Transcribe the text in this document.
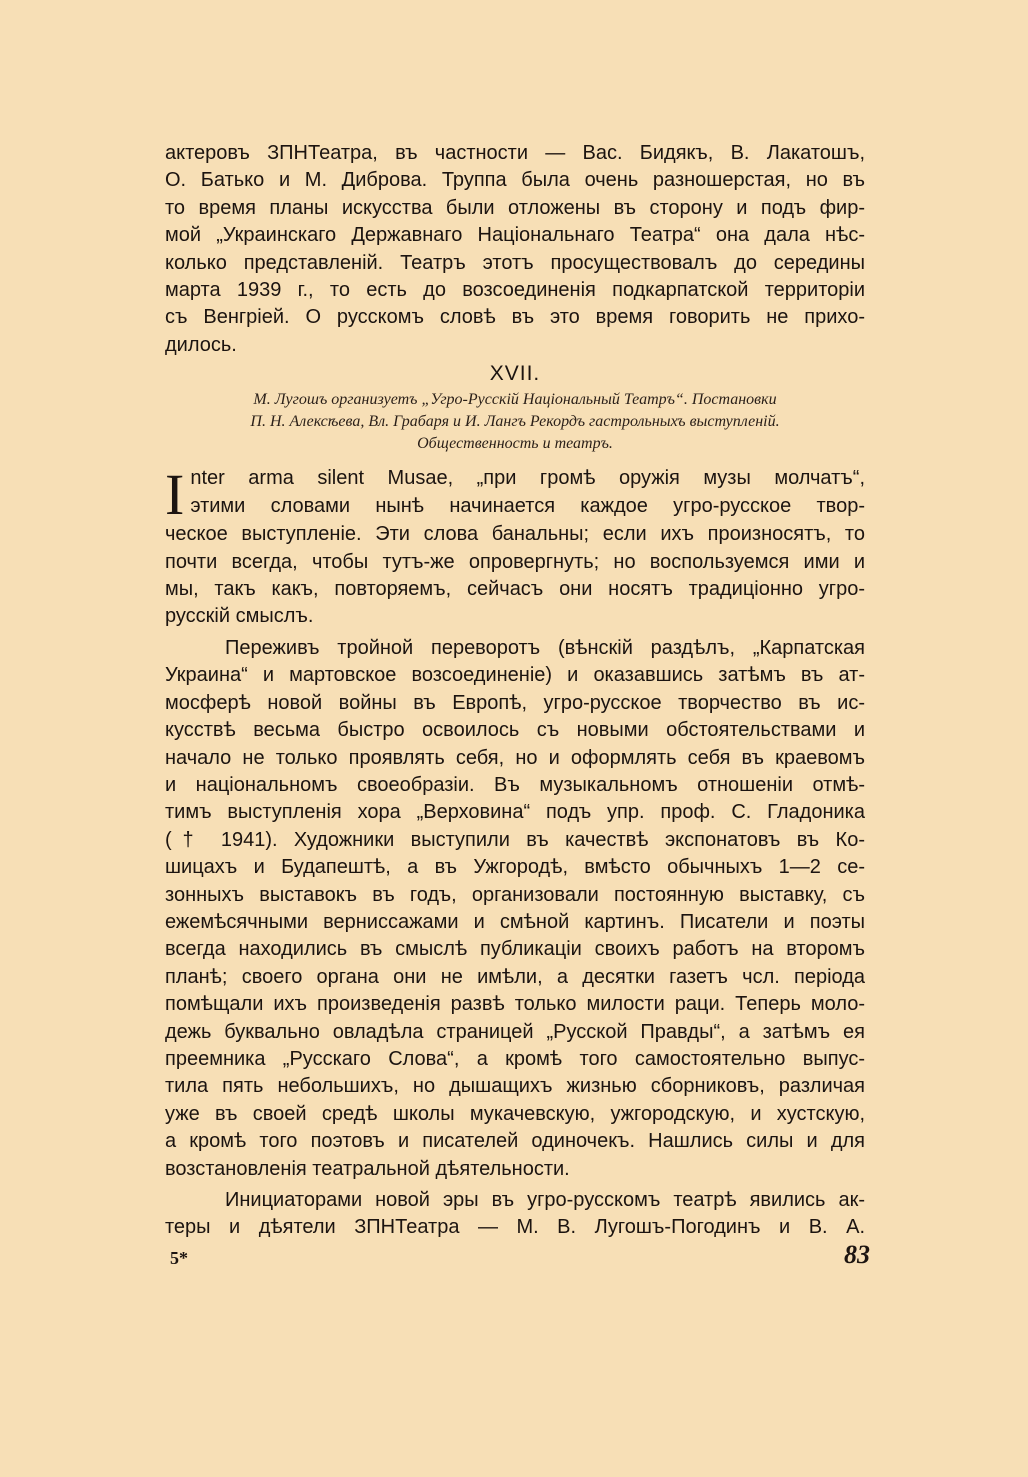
актеровъ ЗПНТеатра, въ частности — Вас. Бидякъ, В. Лакатошъ,

О. Батько и М. Диброва. Труппа была очень разношерстая, но въ

то время планы искусства были отложены въ сторону и подъ фир-

мой „Украинскаго Державнаго Національнаго Театра“ она дала нѣс-

колько представленій. Театръ этотъ просуществовалъ до середины

марта 1939 г., то есть до возсоединенія подкарпатской территоріи

съ Венгріей. О русскомъ словѣ въ это время говорить не прихо-

дилось.

XVII.
М. Лугошъ организуетъ „Угро-Русскій Національный Театръ“. Постановки
П. Н. Алексѣева, Вл. Грабаря и И. Лангъ Рекордъ гастрольныхъ выступленій.
Общественность и театръ.
I nter arma silent Musae, „при громѣ оружія музы молчатъ“,

этими словами нынѣ начинается каждое угро-русское твор-

ческое выступленіе. Эти слова банальны; если ихъ произносятъ, то

почти всегда, чтобы тутъ-же опровергнуть; но воспользуемся ими и

мы, такъ какъ, повторяемъ, сейчасъ они носятъ традиціонно угро-

русскій смыслъ.

Переживъ тройной переворотъ (вѣнскій раздѣлъ, „Карпатская

Украина“ и мартовское возсоединеніе) и оказавшись затѣмъ въ ат-

мосферѣ новой войны въ Европѣ, угро-русское творчество въ ис-

кусствѣ весьма быстро освоилось съ новыми обстоятельствами и

начало не только проявлять себя, но и оформлять себя въ краевомъ

и національномъ своеобразіи. Въ музыкальномъ отношеніи отмѣ-

тимъ выступленія хора „Верховина“ подъ упр. проф. С. Гладоника

(† 1941). Художники выступили въ качествѣ экспонатовъ въ Ко-

шицахъ и Будапештѣ, а въ Ужгородѣ, вмѣсто обычныхъ 1—2 се-

зонныхъ выставокъ въ годъ, организовали постоянную выставку, съ

ежемѣсячными вернисcажами и смѣной картинъ. Писатели и поэты

всегда находились въ смыслѣ публикаціи своихъ работъ на второмъ

планѣ; своего органа они не имѣли, а десятки газетъ чсл. періода

помѣщали ихъ произведенія развѣ только милости раци. Теперь моло-

дежь буквально овладѣла страницей „Русской Правды“, а затѣмъ ея

преемника „Русскаго Слова“, а кромѣ того самостоятельно выпус-

тила пять небольшихъ, но дышащихъ жизнью сборниковъ, различая

уже въ своей средѣ школы мукачевскую, ужгородскую, и хустскую,

а кромѣ того поэтовъ и писателей одиночекъ. Нашлись силы и для

возстановленія театральной дѣятельности.

Инициаторами новой эры въ угро-русскомъ театрѣ явились ак-

теры и дѣятели ЗПНТеатра — М. В. Лугошъ-Погодинъ и В. А.

5*	83
